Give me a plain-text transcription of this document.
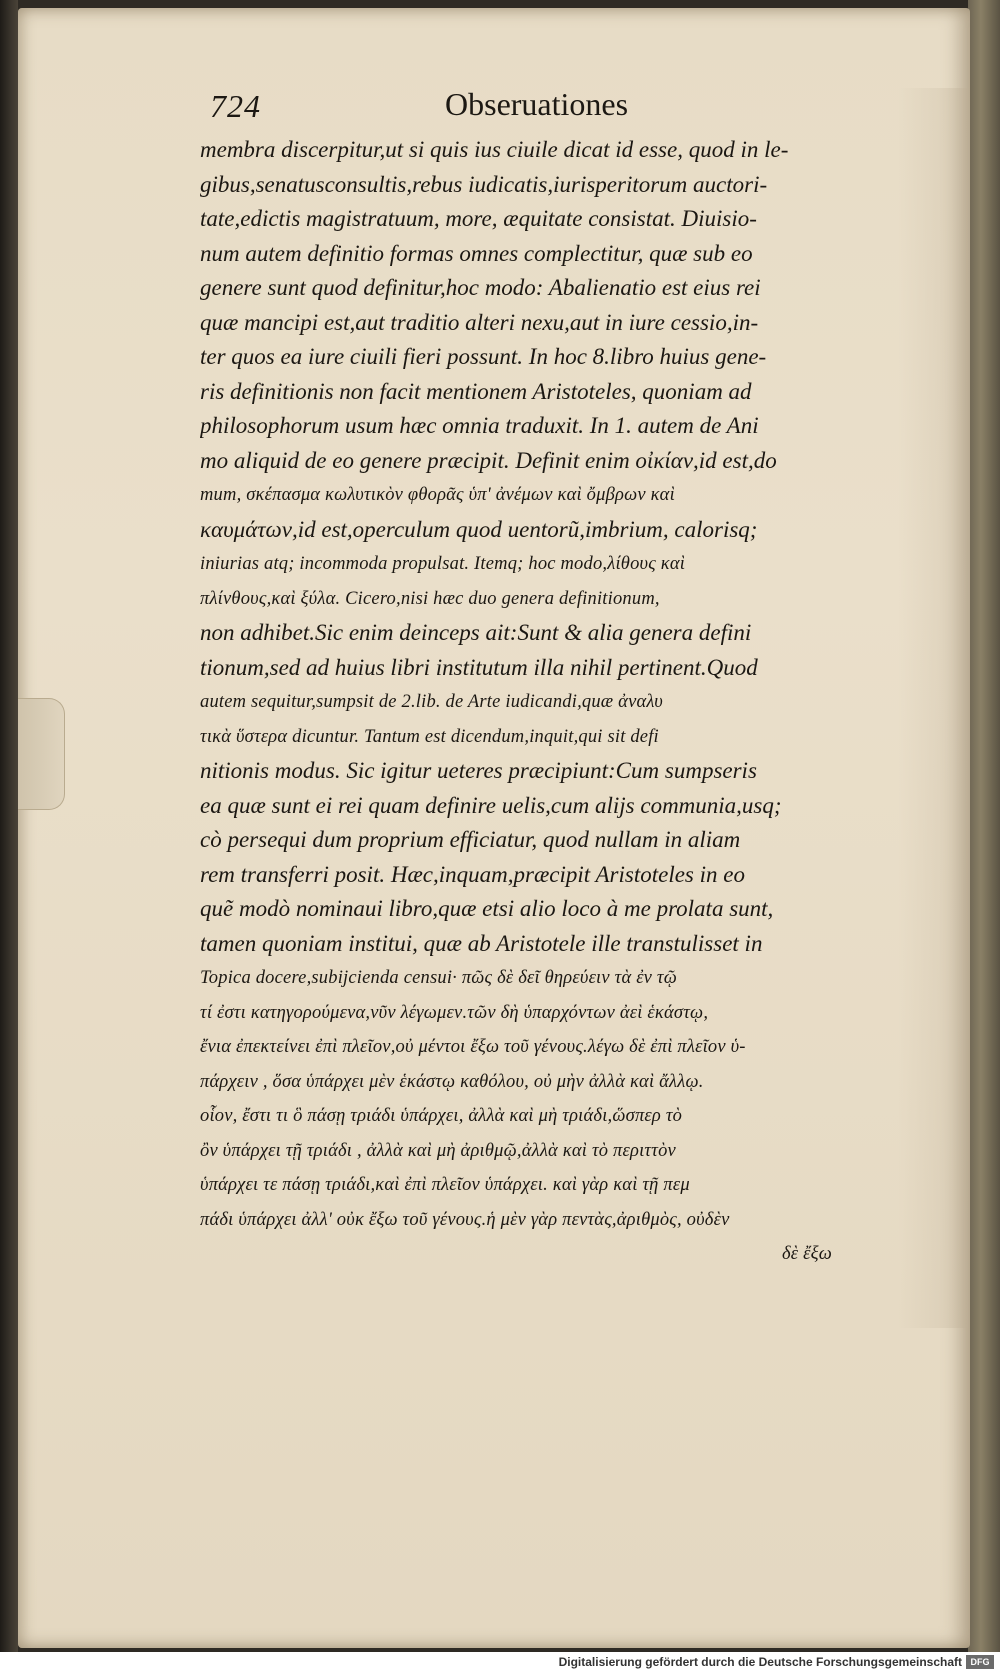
724	Obseruationes
membra discerpitur,ut si quis ius ciuile dicat id esse, quod in le-
gibus,senatusconsultis,rebus iudicatis,iurisperitorum auctori-
tate,edictis magistratuum, more, æquitate consistat. Diuisio-
num autem definitio formas omnes complectitur, quæ sub eo
genere sunt quod definitur,hoc modo: Abalienatio est eius rei
quæ mancipi est,aut traditio alteri nexu,aut in iure cessio,in-
ter quos ea iure ciuili fieri possunt. In hoc 8.libro huius gene-
ris definitionis non facit mentionem Aristoteles, quoniam ad
philosophorum usum hæc omnia traduxit. In 1. autem de Ani
mo aliquid de eo genere præcipit. Definit enim οἰκίαν,id est,do
mum, σκέπασμα κωλυτικὸν φθορᾶς ὑπ' ἀνέμων καὶ ὄμβρων καὶ
καυμάτων,id est,operculum quod uentorũ,imbrium, calorisq;
iniurias atq; incommoda propulsat. Itemq; hoc modo,λίθους καὶ
πλίνθους,καὶ ξύλα. Cicero,nisi hæc duo genera definitionum,
non adhibet.Sic enim deinceps ait:Sunt & alia genera defini
tionum,sed ad huius libri institutum illa nihil pertinent.Quod
autem sequitur,sumpsit de 2.lib. de Arte iudicandi,quæ ἀναλυ
τικὰ ὕστερα dicuntur. Tantum est dicendum,inquit,qui sit defi
nitionis modus. Sic igitur ueteres præcipiunt:Cum sumpseris
ea quæ sunt ei rei quam definire uelis,cum alijs communia,usq;
cò persequi dum proprium efficiatur, quod nullam in aliam
rem transferri posit. Hæc,inquam,præcipit Aristoteles in eo
quẽ modò nominaui libro,quæ etsi alio loco à me prolata sunt,
tamen quoniam institui, quæ ab Aristotele ille transtulisset in
Topica docere,subijcienda censui· πῶς δὲ δεῖ θηρεύειν τὰ ἐν τῷ
τί ἐστι κατηγορούμενα,νῦν λέγωμεν.τῶν δὴ ὑπαρχόντων ἀεὶ ἑκάστῳ,
ἔνια ἐπεκτείνει ἐπὶ πλεῖον,οὐ μέντοι ἔξω τοῦ γένους.λέγω δὲ ἐπὶ πλεῖον ὑ-
πάρχειν , ὅσα ὑπάρχει μὲν ἑκάστῳ καθόλου, οὐ μὴν ἀλλὰ καὶ ἄλλῳ.
οἷον, ἔστι τι ὃ πάσῃ τριάδι ὑπάρχει, ἀλλὰ καὶ μὴ τριάδι,ὥσπερ τὸ
ὂν ὑπάρχει τῇ τριάδι , ἀλλὰ καὶ μὴ ἀριθμῷ,ἀλλὰ καὶ τὸ περιττὸν
ὑπάρχει τε πάσῃ τριάδι,καὶ ἐπὶ πλεῖον ὑπάρχει. καὶ γὰρ καὶ τῇ πεμ
πάδι ὑπάρχει ἀλλ' οὐκ ἔξω τοῦ γένους.ἡ μὲν γὰρ πεντὰς,ἀριθμὸς, οὐδὲν
δὲ ἔξω
Digitalisierung gefördert durch die Deutsche Forschungsgemeinschaft DFG
